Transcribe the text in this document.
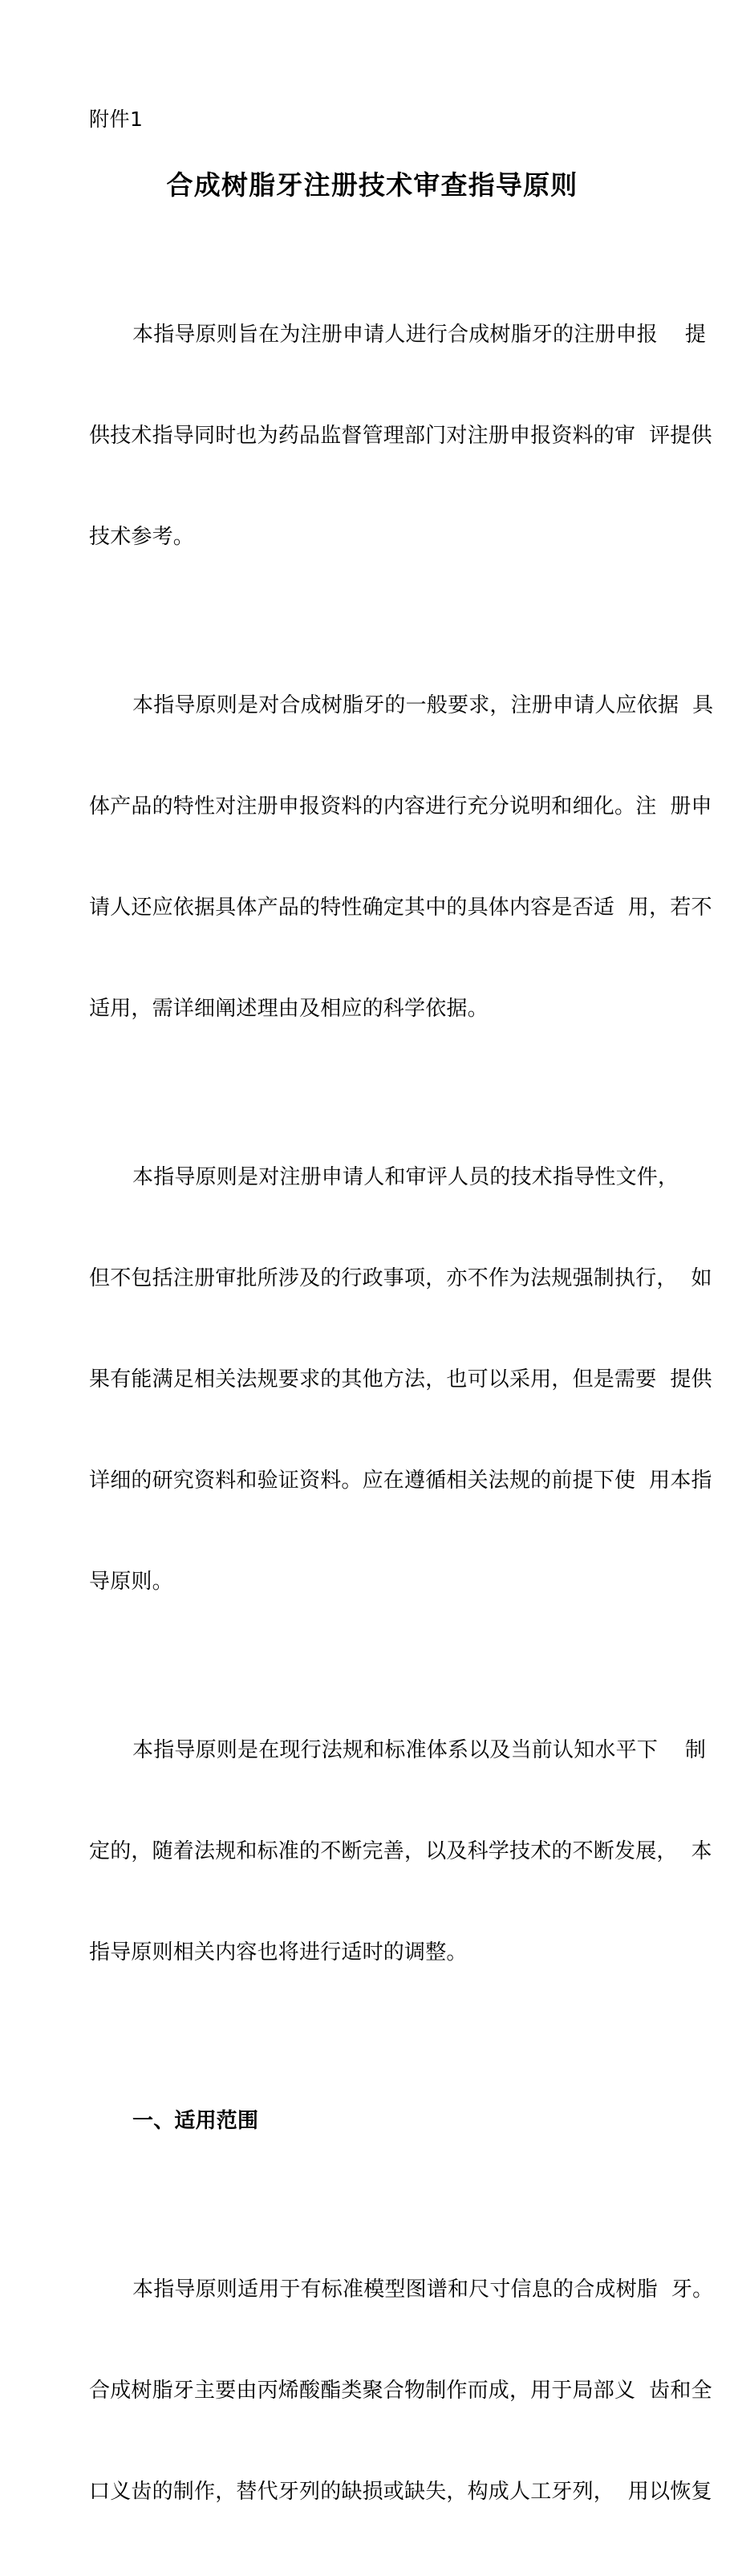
附件1
合成树脂牙注册技术审查指导原则

本指导原则旨在为注册申请人进行合成树脂牙的注册申报    提

供技术指导同时也为药品监督管理部门对注册申报资料的审  评提供

技术参考。

本指导原则是对合成树脂牙的一般要求，注册申请人应依据  具

体产品的特性对注册申报资料的内容进行充分说明和细化。注  册申

请人还应依据具体产品的特性确定其中的具体内容是否适  用，若不

适用，需详细阐述理由及相应的科学依据。

本指导原则是对注册申请人和审评人员的技术指导性文件，

但不包括注册审批所涉及的行政事项，亦不作为法规强制执行，  如

果有能满足相关法规要求的其他方法，也可以采用，但是需要  提供

详细的研究资料和验证资料。应在遵循相关法规的前提下使  用本指

导原则。

本指导原则是在现行法规和标准体系以及当前认知水平下    制

定的，随着法规和标准的不断完善，以及科学技术的不断发展，  本

指导原则相关内容也将进行适时的调整。

一、适用范围

本指导原则适用于有标准模型图谱和尺寸信息的合成树脂  牙。

合成树脂牙主要由丙烯酸酯类聚合物制作而成，用于局部义  齿和全

口义齿的制作，替代牙列的缺损或缺失，构成人工牙列，  用以恢复
